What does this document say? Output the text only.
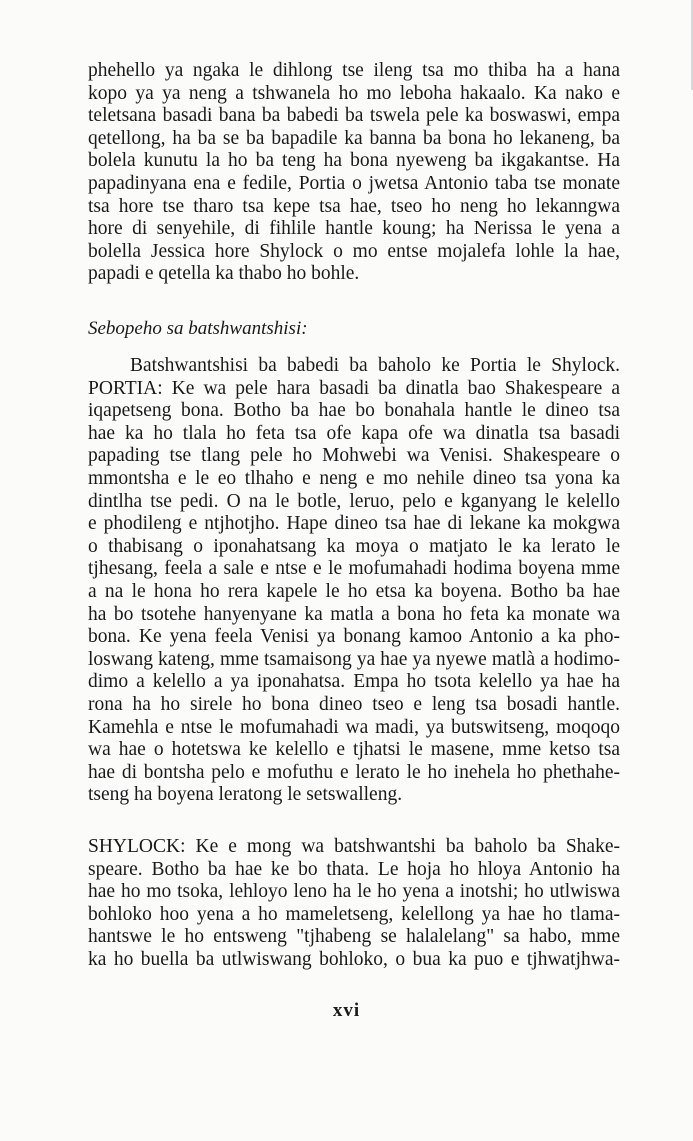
phehello ya ngaka le dihlong tse ileng tsa mo thiba ha a hana
kopo ya ya neng a tshwanela ho mo leboha hakaalo. Ka nako e
teletsana basadi bana ba babedi ba tswela pele ka boswaswi, empa
qetellong, ha ba se ba bapadile ka banna ba bona ho lekaneng, ba
bolela kunutu la ho ba teng ha bona nyeweng ba ikgakantse. Ha
papadinyana ena e fedile, Portia o jwetsa Antonio taba tse monate
tsa hore tse tharo tsa kepe tsa hae, tseo ho neng ho lekanngwa
hore di senyehile, di fihlile hantle koung; ha Nerissa le yena a
bolella Jessica hore Shylock o mo entse mojalefa lohle la hae,
papadi e qetella ka thabo ho bohle.
Sebopeho sa batshwantshisi:
Batshwantshisi ba babedi ba baholo ke Portia le Shylock.
PORTIA: Ke wa pele hara basadi ba dinatla bao Shakespeare a
iqapetseng bona. Botho ba hae bo bonahala hantle le dineo tsa
hae ka ho tlala ho feta tsa ofe kapa ofe wa dinatla tsa basadi
papading tse tlang pele ho Mohwebi wa Venisi. Shakespeare o
mmontsha e le eo tlhaho e neng e mo nehile dineo tsa yona ka
dintlha tse pedi. O na le botle, leruo, pelo e kganyang le kelello
e phodileng e ntjhotjho. Hape dineo tsa hae di lekane ka mokgwa
o thabisang o iponahatsang ka moya o matjato le ka lerato le
tjhesang, feela a sale e ntse e le mofumahadi hodima boyena mme
a na le hona ho rera kapele le ho etsa ka boyena. Botho ba hae
ha bo tsotehe hanyenyane ka matla a bona ho feta ka monate wa
bona. Ke yena feela Venisi ya bonang kamoo Antonio a ka pho-
loswang kateng, mme tsamaisong ya hae ya nyewe matlà a hodimo-
dimo a kelello a ya iponahatsa. Empa ho tsota kelello ya hae ha
rona ha ho sirele ho bona dineo tseo e leng tsa bosadi hantle.
Kamehla e ntse le mofumahadi wa madi, ya butswitseng, moqoqo
wa hae o hotetswa ke kelello e tjhatsi le masene, mme ketso tsa
hae di bontsha pelo e mofuthu e lerato le ho inehela ho phethahe-
tseng ha boyena leratong le setswalleng.
SHYLOCK: Ke e mong wa batshwantshi ba baholo ba Shake-
speare. Botho ba hae ke bo thata. Le hoja ho hloya Antonio ha
hae ho mo tsoka, lehloyo leno ha le ho yena a inotshi; ho utlwiswa
bohloko hoo yena a ho mameletseng, kelellong ya hae ho tlama-
hantswe le ho entsweng "tjhabeng se halalelang" sa habo, mme
ka ho buella ba utlwiswang bohloko, o bua ka puo e tjhwatjhwa-
xvi
